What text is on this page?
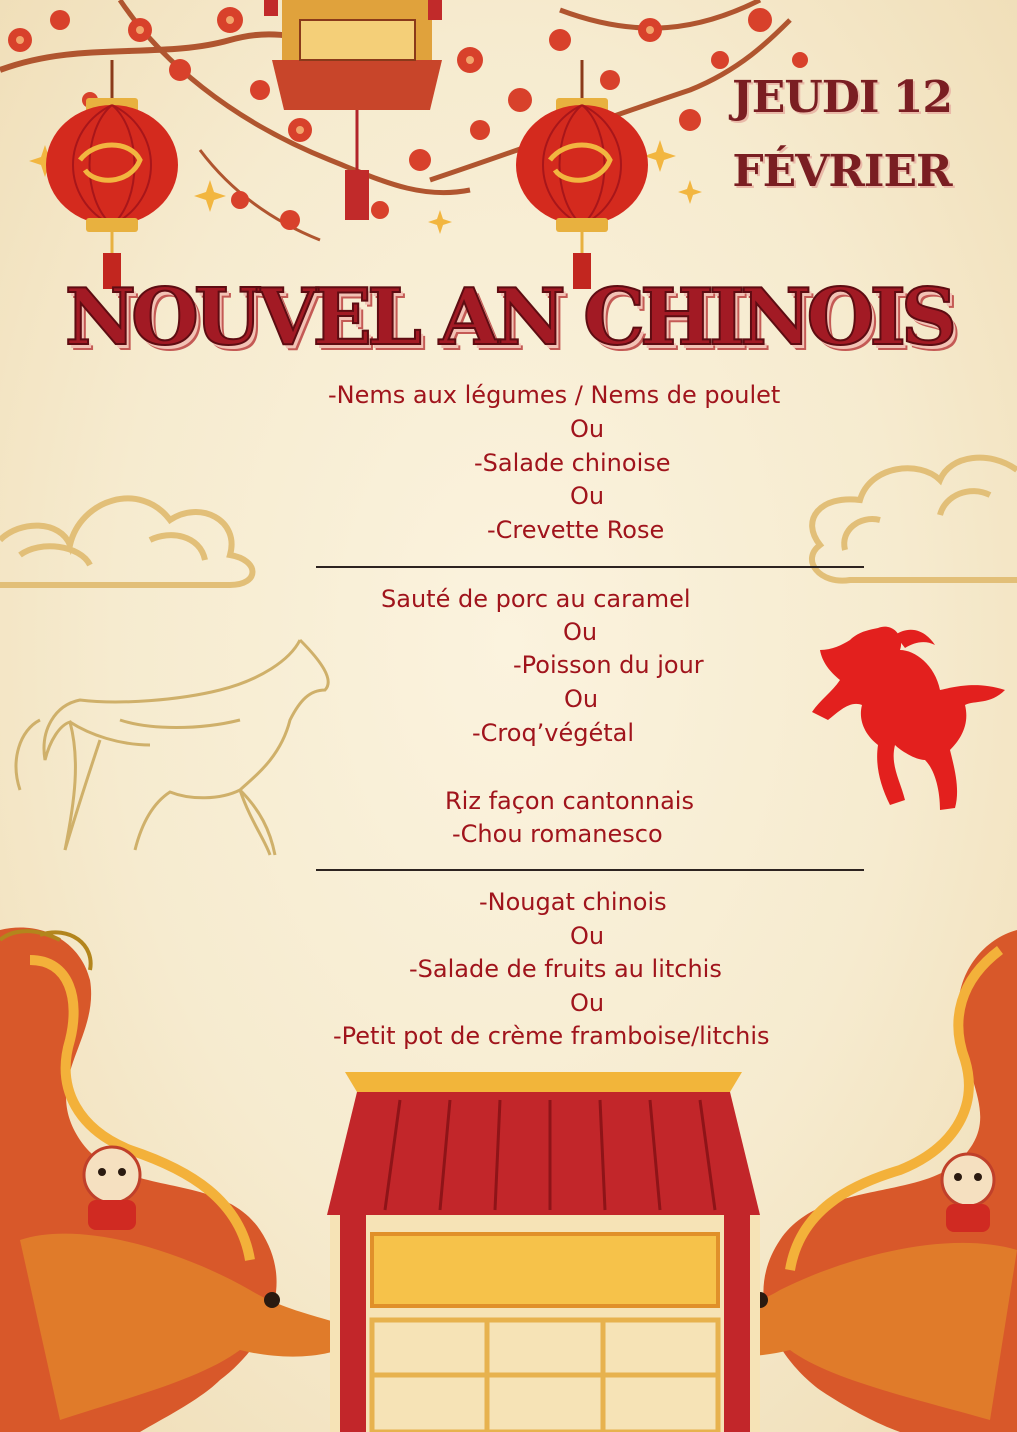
JEUDI 12
FÉVRIER
NOUVEL AN CHINOIS
-Nems aux légumes / Nems de poulet
Ou
-Salade chinoise
Ou
-Crevette Rose
Sauté de porc au caramel
Ou
-Poisson du jour
Ou
-Croq’végétal
Riz façon cantonnais
-Chou romanesco
-Nougat chinois
Ou
-Salade de fruits au litchis
Ou
-Petit pot de crème framboise/litchis
